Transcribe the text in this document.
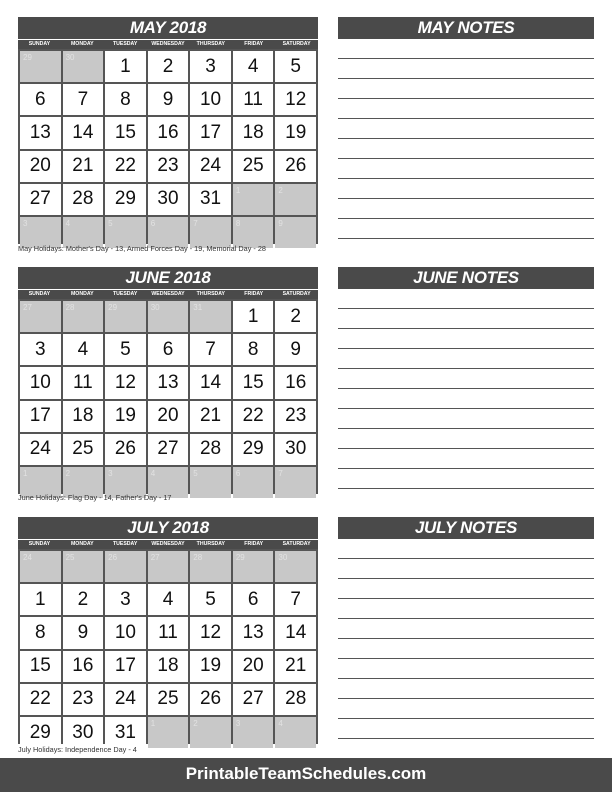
MAY 2018
SUNDAY	MONDAY	TUESDAY	WEDNESDAY	THURSDAY	FRIDAY	SATURDAY
29	30	1	2	3	4	5
6	7	8	9	10	11	12
13	14	15	16	17	18	19
20	21	22	23	24	25	26
27	28	29	30	31	1	2
3	4	5	6	7	8	9
May Holidays: Mother's Day - 13, Armed Forces Day - 19, Memorial Day - 28
MAY NOTES
JUNE 2018
SUNDAY	MONDAY	TUESDAY	WEDNESDAY	THURSDAY	FRIDAY	SATURDAY
27	28	29	30	31	1	2
3	4	5	6	7	8	9
10	11	12	13	14	15	16
17	18	19	20	21	22	23
24	25	26	27	28	29	30
1	2	3	4	5	6	7
June Holidays: Flag Day - 14, Father's Day - 17
JUNE NOTES
JULY 2018
SUNDAY	MONDAY	TUESDAY	WEDNESDAY	THURSDAY	FRIDAY	SATURDAY
24	25	26	27	28	29	30
1	2	3	4	5	6	7
8	9	10	11	12	13	14
15	16	17	18	19	20	21
22	23	24	25	26	27	28
29	30	31	1	2	3	4
July Holidays: Independence Day - 4
JULY NOTES
PrintableTeamSchedules.com
